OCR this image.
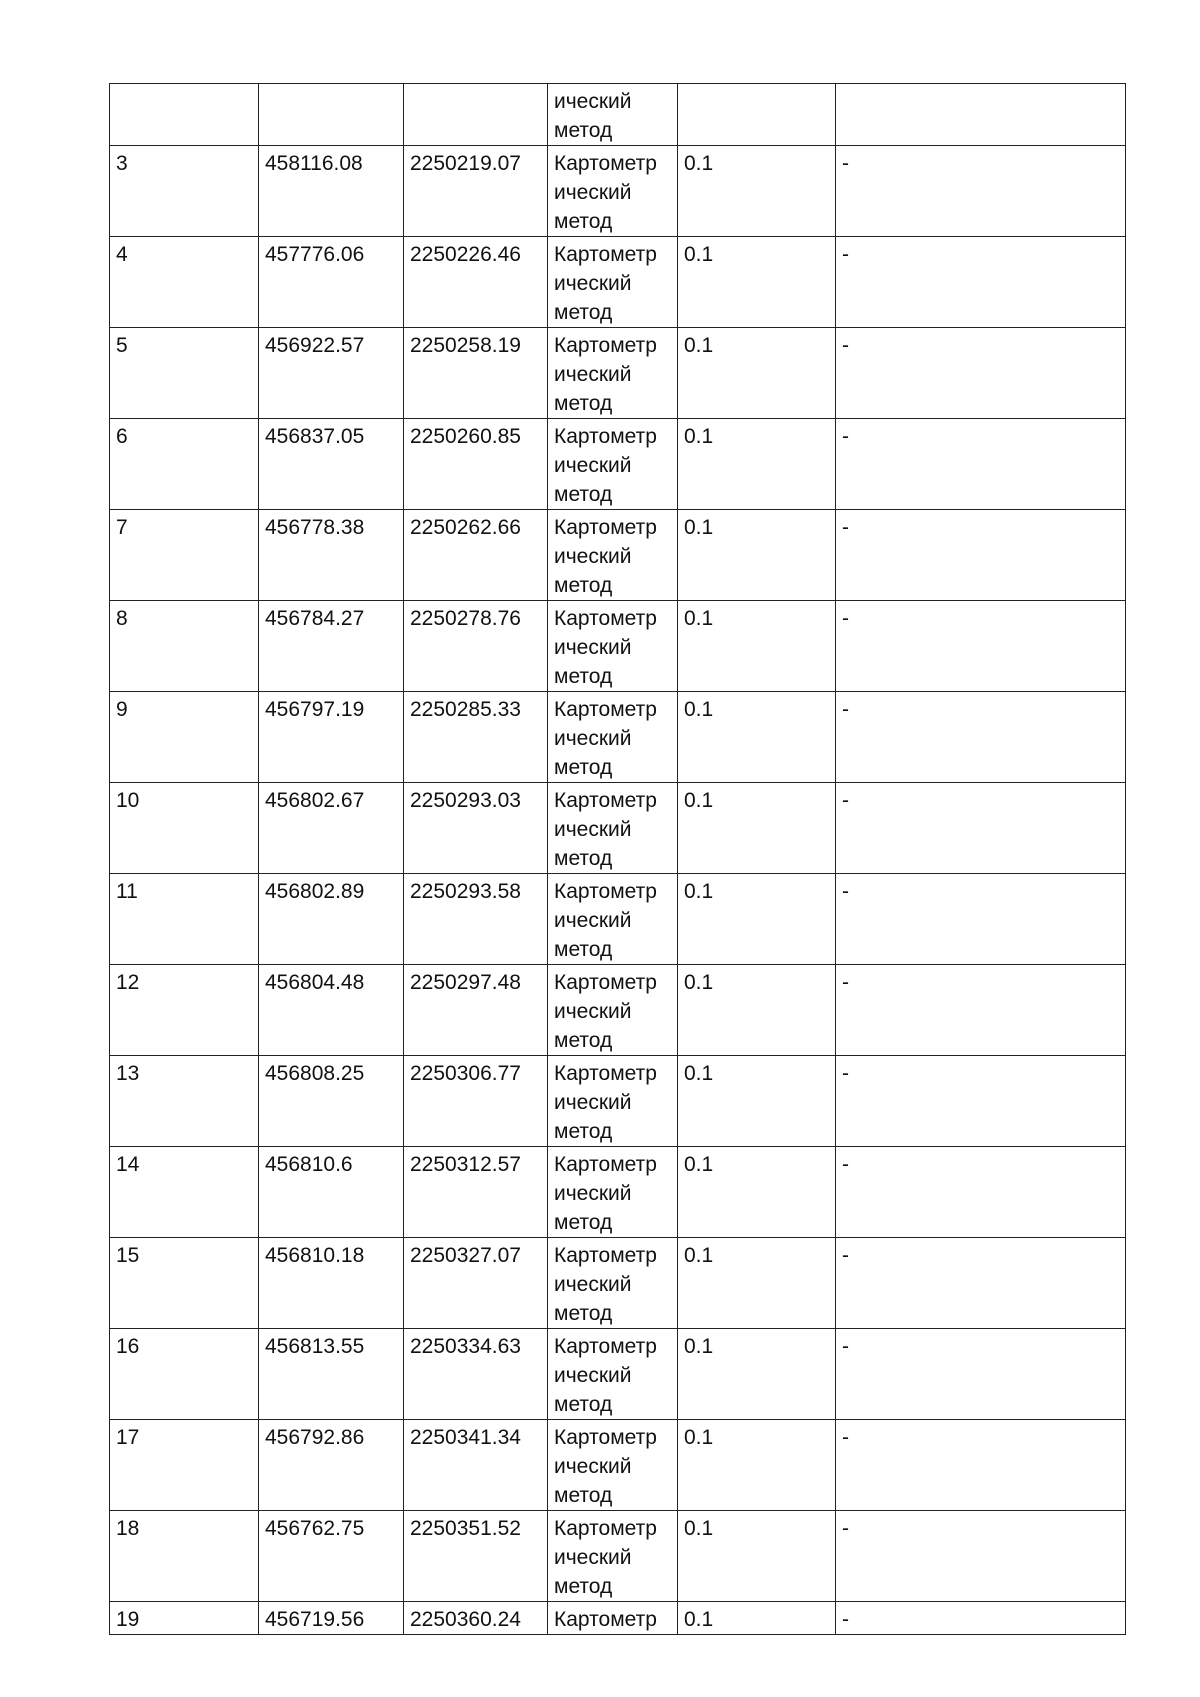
			ический
метод		
3	458116.08	2250219.07	Картометр
ический
метод	0.1	-
4	457776.06	2250226.46	Картометр
ический
метод	0.1	-
5	456922.57	2250258.19	Картометр
ический
метод	0.1	-
6	456837.05	2250260.85	Картометр
ический
метод	0.1	-
7	456778.38	2250262.66	Картометр
ический
метод	0.1	-
8	456784.27	2250278.76	Картометр
ический
метод	0.1	-
9	456797.19	2250285.33	Картометр
ический
метод	0.1	-
10	456802.67	2250293.03	Картометр
ический
метод	0.1	-
11	456802.89	2250293.58	Картометр
ический
метод	0.1	-
12	456804.48	2250297.48	Картометр
ический
метод	0.1	-
13	456808.25	2250306.77	Картометр
ический
метод	0.1	-
14	456810.6	2250312.57	Картометр
ический
метод	0.1	-
15	456810.18	2250327.07	Картометр
ический
метод	0.1	-
16	456813.55	2250334.63	Картометр
ический
метод	0.1	-
17	456792.86	2250341.34	Картометр
ический
метод	0.1	-
18	456762.75	2250351.52	Картометр
ический
метод	0.1	-
19	456719.56	2250360.24	Картометр	0.1	-
